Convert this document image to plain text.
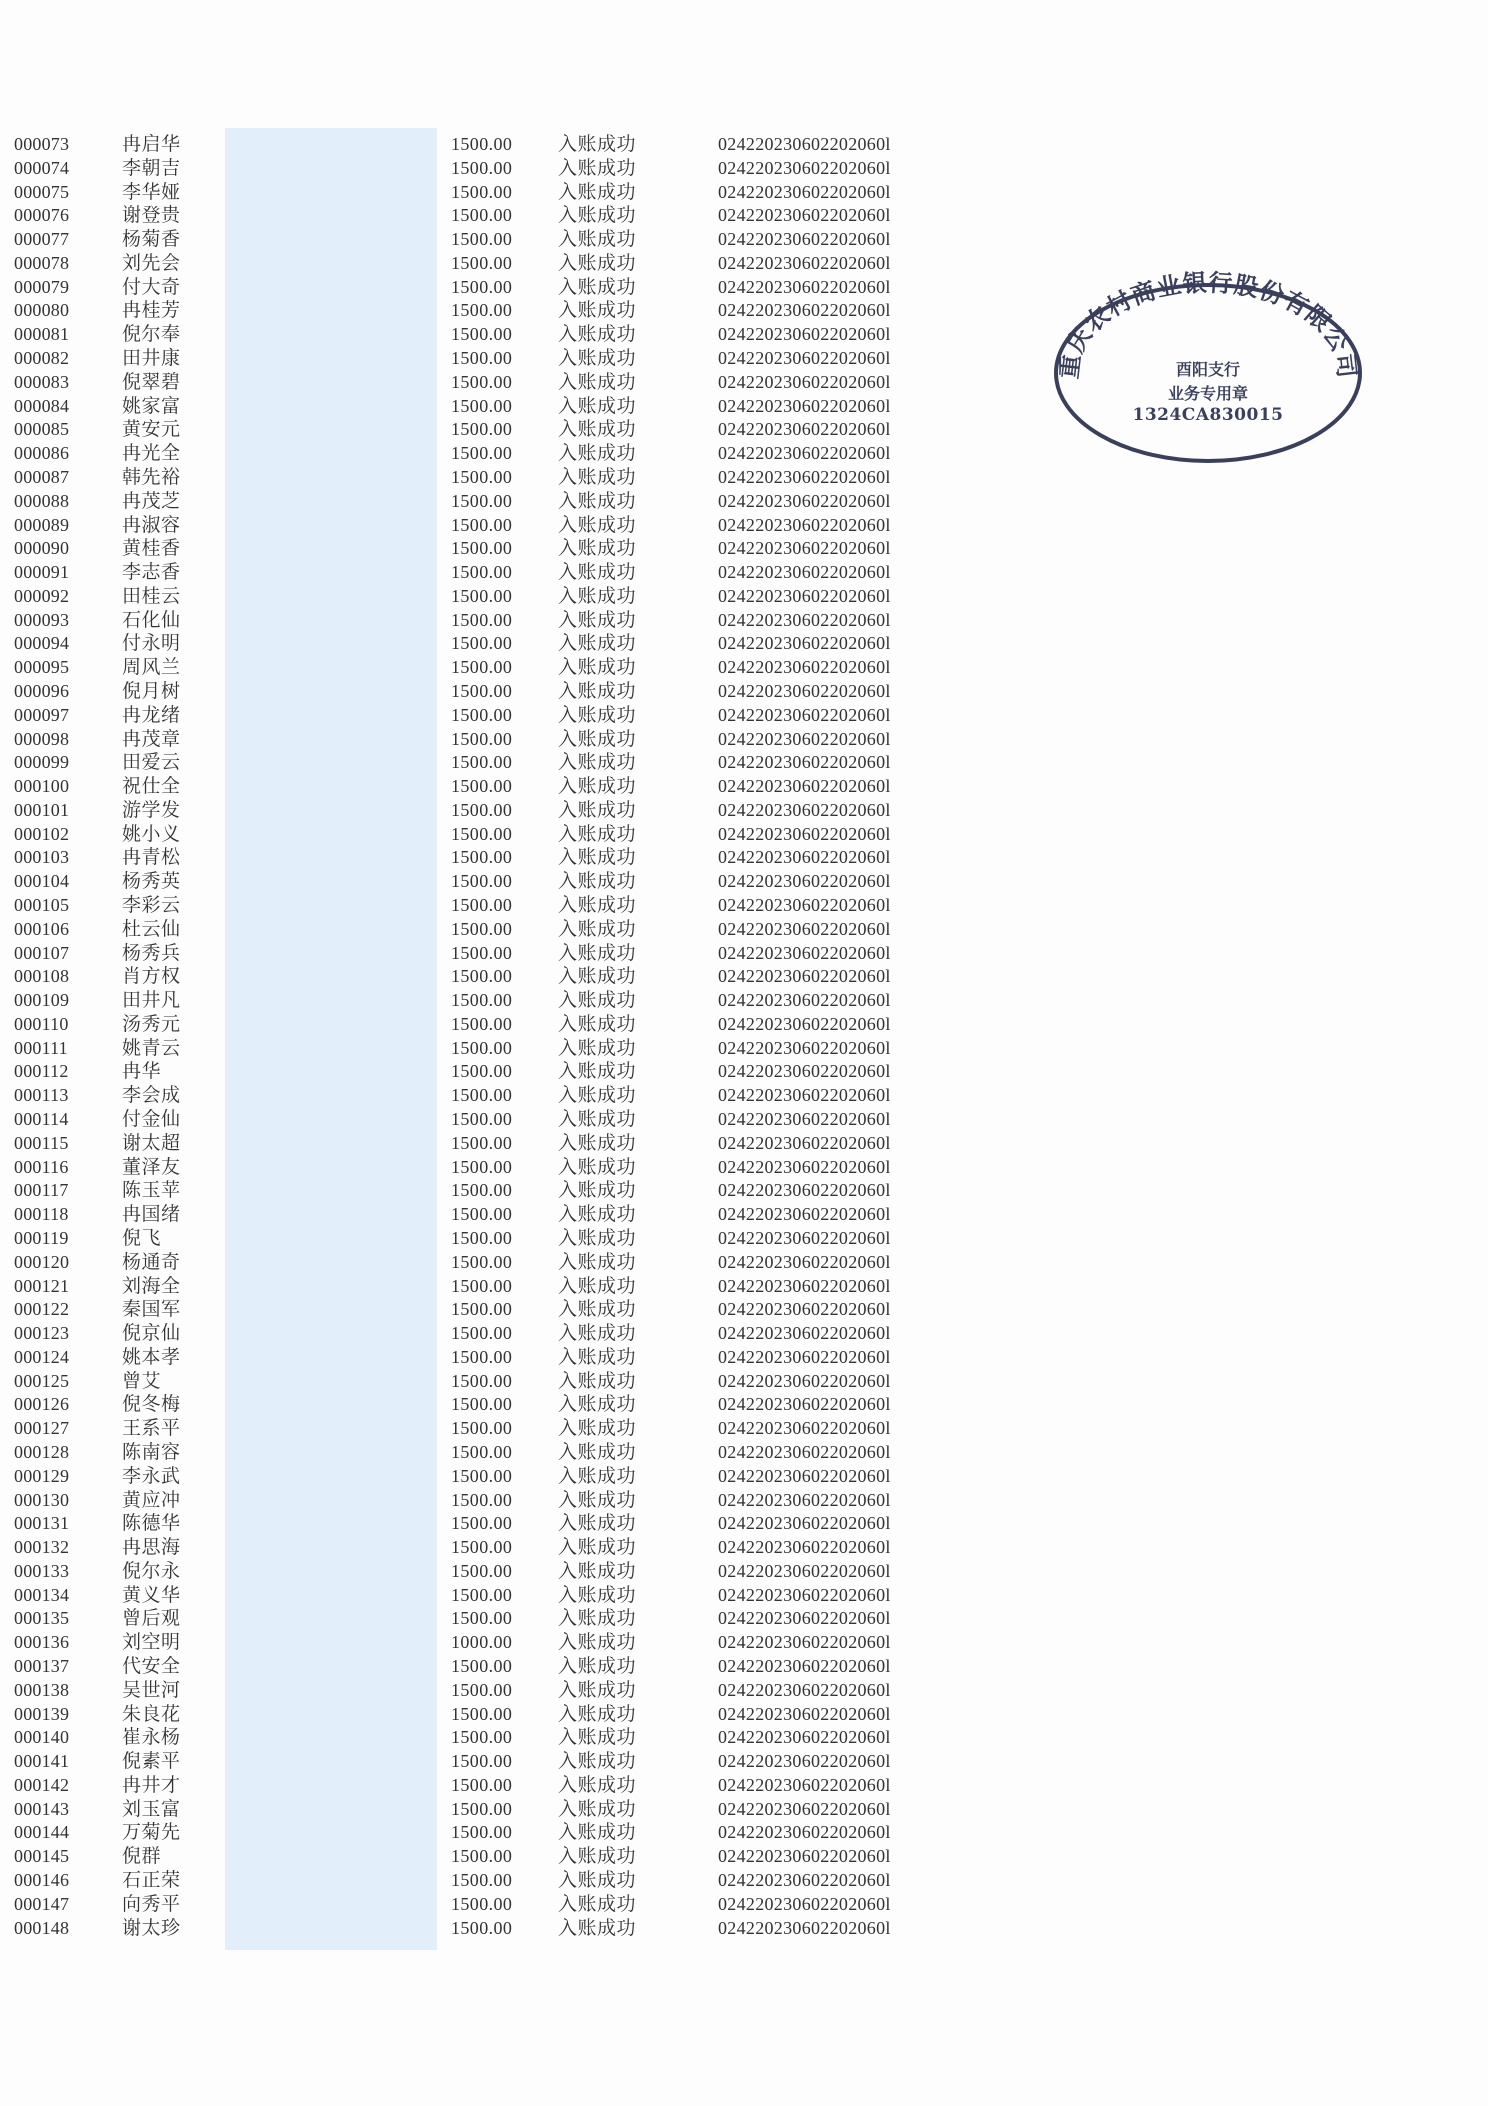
000073	冉启华	1500.00 入账成功	024220230602202060l
000074	李朝吉	1500.00 入账成功	024220230602202060l
000075	李华娅	1500.00 入账成功	024220230602202060l
000076	谢登贵	1500.00 入账成功	024220230602202060l
000077	杨菊香	1500.00 入账成功	024220230602202060l
000078	刘先会	1500.00 入账成功	024220230602202060l
000079	付大奇	1500.00 入账成功	024220230602202060l
000080	冉桂芳	1500.00 入账成功	024220230602202060l
000081	倪尔奉	1500.00 入账成功	024220230602202060l
000082	田井康	1500.00 入账成功	024220230602202060l
000083	倪翠碧	1500.00 入账成功	024220230602202060l
000084	姚家富	1500.00 入账成功	024220230602202060l
000085	黄安元	1500.00 入账成功	024220230602202060l
000086	冉光全	1500.00 入账成功	024220230602202060l
000087	韩先裕	1500.00 入账成功	024220230602202060l
000088	冉茂芝	1500.00 入账成功	024220230602202060l
000089	冉淑容	1500.00 入账成功	024220230602202060l
000090	黄桂香	1500.00 入账成功	024220230602202060l
000091	李志香	1500.00 入账成功	024220230602202060l
000092	田桂云	1500.00 入账成功	024220230602202060l
000093	石化仙	1500.00 入账成功	024220230602202060l
000094	付永明	1500.00 入账成功	024220230602202060l
000095	周风兰	1500.00 入账成功	024220230602202060l
000096	倪月树	1500.00 入账成功	024220230602202060l
000097	冉龙绪	1500.00 入账成功	024220230602202060l
000098	冉茂章	1500.00 入账成功	024220230602202060l
000099	田爱云	1500.00 入账成功	024220230602202060l
000100	祝仕全	1500.00 入账成功	024220230602202060l
000101	游学发	1500.00 入账成功	024220230602202060l
000102	姚小义	1500.00 入账成功	024220230602202060l
000103	冉青松	1500.00 入账成功	024220230602202060l
000104	杨秀英	1500.00 入账成功	024220230602202060l
000105	李彩云	1500.00 入账成功	024220230602202060l
000106	杜云仙	1500.00 入账成功	024220230602202060l
000107	杨秀兵	1500.00 入账成功	024220230602202060l
000108	肖方权	1500.00 入账成功	024220230602202060l
000109	田井凡	1500.00 入账成功	024220230602202060l
000110	汤秀元	1500.00 入账成功	024220230602202060l
000111	姚青云	1500.00 入账成功	024220230602202060l
000112	冉华	1500.00 入账成功	024220230602202060l
000113	李会成	1500.00 入账成功	024220230602202060l
000114	付金仙	1500.00 入账成功	024220230602202060l
000115	谢太超	1500.00 入账成功	024220230602202060l
000116	董泽友	1500.00 入账成功	024220230602202060l
000117	陈玉苹	1500.00 入账成功	024220230602202060l
000118	冉国绪	1500.00 入账成功	024220230602202060l
000119	倪飞	1500.00 入账成功	024220230602202060l
000120	杨通奇	1500.00 入账成功	024220230602202060l
000121	刘海全	1500.00 入账成功	024220230602202060l
000122	秦国军	1500.00 入账成功	024220230602202060l
000123	倪京仙	1500.00 入账成功	024220230602202060l
000124	姚本孝	1500.00 入账成功	024220230602202060l
000125	曾艾	1500.00 入账成功	024220230602202060l
000126	倪冬梅	1500.00 入账成功	024220230602202060l
000127	王系平	1500.00 入账成功	024220230602202060l
000128	陈南容	1500.00 入账成功	024220230602202060l
000129	李永武	1500.00 入账成功	024220230602202060l
000130	黄应冲	1500.00 入账成功	024220230602202060l
000131	陈德华	1500.00 入账成功	024220230602202060l
000132	冉思海	1500.00 入账成功	024220230602202060l
000133	倪尔永	1500.00 入账成功	024220230602202060l
000134	黄义华	1500.00 入账成功	024220230602202060l
000135	曾后观	1500.00 入账成功	024220230602202060l
000136	刘空明	1000.00 入账成功	024220230602202060l
000137	代安全	1500.00 入账成功	024220230602202060l
000138	吴世河	1500.00 入账成功	024220230602202060l
000139	朱良花	1500.00 入账成功	024220230602202060l
000140	崔永杨	1500.00 入账成功	024220230602202060l
000141	倪素平	1500.00 入账成功	024220230602202060l
000142	冉井才	1500.00 入账成功	024220230602202060l
000143	刘玉富	1500.00 入账成功	024220230602202060l
000144	万菊先	1500.00 入账成功	024220230602202060l
000145	倪群	1500.00 入账成功	024220230602202060l
000146	石正荣	1500.00 入账成功	024220230602202060l
000147	向秀平	1500.00 入账成功	024220230602202060l
000148	谢太珍	1500.00 入账成功	024220230602202060l
重庆农村商业银行股份有限公司
酉阳支行
业务专用章
1324CA830015
